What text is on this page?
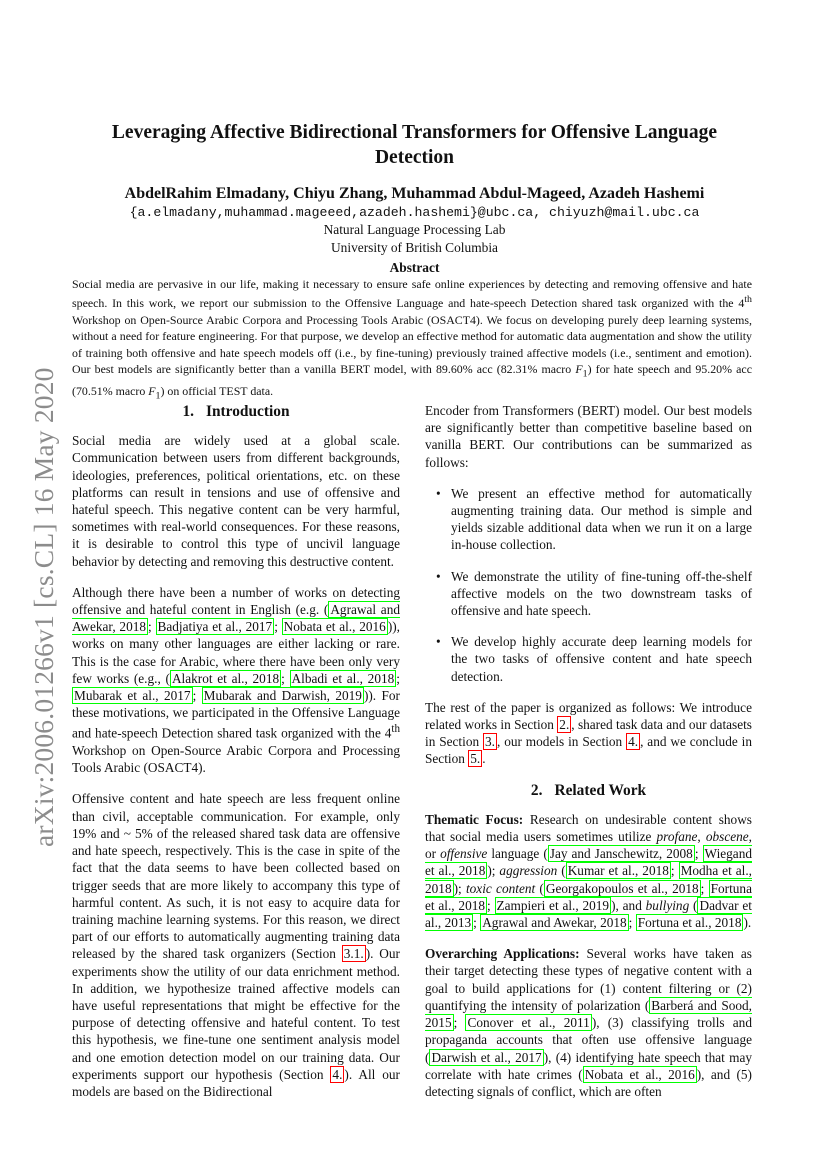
arXiv:2006.01266v1 [cs.CL] 16 May 2020
Leveraging Affective Bidirectional Transformers for Offensive Language Detection
AbdelRahim Elmadany, Chiyu Zhang, Muhammad Abdul-Mageed, Azadeh Hashemi
{a.elmadany,muhammad.mageeed,azadeh.hashemi}@ubc.ca, chiyuzh@mail.ubc.ca
Natural Language Processing Lab
University of British Columbia
Abstract
Social media are pervasive in our life, making it necessary to ensure safe online experiences by detecting and removing offensive and hate speech. In this work, we report our submission to the Offensive Language and hate-speech Detection shared task organized with the 4th Workshop on Open-Source Arabic Corpora and Processing Tools Arabic (OSACT4). We focus on developing purely deep learning systems, without a need for feature engineering. For that purpose, we develop an effective method for automatic data augmentation and show the utility of training both offensive and hate speech models off (i.e., by fine-tuning) previously trained affective models (i.e., sentiment and emotion). Our best models are significantly better than a vanilla BERT model, with 89.60% acc (82.31% macro $F_1$) for hate speech and 95.20% acc (70.51% macro $F_1$) on official TEST data.
1. Introduction

Social media are widely used at a global scale. Communication between users from different backgrounds, ideologies, preferences, political orientations, etc. on these platforms can result in tensions and use of offensive and hateful speech. This negative content can be very harmful, sometimes with real-world consequences. For these reasons, it is desirable to control this type of uncivil language behavior by detecting and removing this destructive content.

Although there have been a number of works on detecting offensive and hateful content in English (e.g. ( Agrawal and Awekar, 2018 ; Badjatiya et al., 2017 ; Nobata et al., 2016 )), works on many other languages are either lacking or rare. This is the case for Arabic, where there have been only very few works (e.g., ( Alakrot et al., 2018 ; Albadi et al., 2018 ; Mubarak et al., 2017 ; Mubarak and Darwish, 2019 )). For these motivations, we participated in the Offensive Language and hate-speech Detection shared task organized with the 4th Workshop on Open-Source Arabic Corpora and Processing Tools Arabic (OSACT4).

Offensive content and hate speech are less frequent online than civil, acceptable communication. For example, only 19% and ~ 5% of the released shared task data are offensive and hate speech, respectively. This is the case in spite of the fact that the data seems to have been collected based on trigger seeds that are more likely to accompany this type of harmful content. As such, it is not easy to acquire data for training machine learning systems. For this reason, we direct part of our efforts to automatically augmenting training data released by the shared task organizers (Section 3.1. ). Our experiments show the utility of our data enrichment method. In addition, we hypothesize trained affective models can have useful representations that might be effective for the purpose of detecting offensive and hateful content. To test this hypothesis, we fine-tune one sentiment analysis model and one emotion detection model on our training data. Our experiments support our hypothesis (Section 4. ). All our models are based on the Bidirectional

Encoder from Transformers (BERT) model. Our best models are significantly better than competitive baseline based on vanilla BERT. Our contributions can be summarized as follows:

• We present an effective method for automatically augmenting training data. Our method is simple and yields sizable additional data when we run it on a large in-house collection.
• We demonstrate the utility of fine-tuning off-the-shelf affective models on the two downstream tasks of offensive and hate speech.
• We develop highly accurate deep learning models for the two tasks of offensive content and hate speech detection.

The rest of the paper is organized as follows: We introduce related works in Section 2. , shared task data and our datasets in Section 3. , our models in Section 4. , and we conclude in Section 5. .

2. Related Work

Thematic Focus: Research on undesirable content shows that social media users sometimes utilize profane, obscene, or offensive language ( Jay and Janschewitz, 2008 ; Wiegand et al., 2018 ); aggression ( Kumar et al., 2018 ; Modha et al., 2018 ); toxic content ( Georgakopoulos et al., 2018 ; Fortuna et al., 2018 ; Zampieri et al., 2019 ), and bullying ( Dadvar et al., 2013 ; Agrawal and Awekar, 2018 ; Fortuna et al., 2018 ).

Overarching Applications: Several works have taken as their target detecting these types of negative content with a goal to build applications for (1) content filtering or (2) quantifying the intensity of polarization ( Barberá and Sood, 2015 ; Conover et al., 2011 ), (3) classifying trolls and propaganda accounts that often use offensive language ( Darwish et al., 2017 ), (4) identifying hate speech that may correlate with hate crimes ( Nobata et al., 2016 ), and (5) detecting signals of conflict, which are often
